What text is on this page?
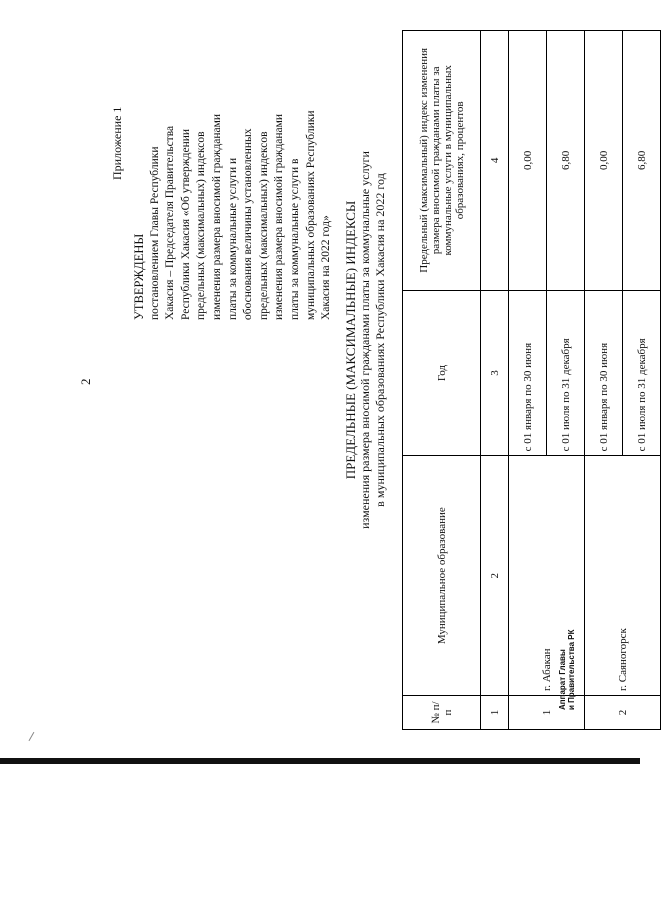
2
Приложение 1
УТВЕРЖДЕНЫ постановлением Главы Республики Хакасия – Председателя Правительства Республики Хакасия «Об утверждении предельных (максимальных) индексов изменения размера вносимой гражданами платы за коммунальные услуги и обоснования величины установленных предельных (максимальных) индексов изменения размера вносимой гражданами платы за коммунальные услуги в муниципальных образованиях Республики Хакасия на 2022 год» ПРЕДЕЛЬНЫЕ (МАКСИМАЛЬНЫЕ) ИНДЕКСЫ изменения размера вносимой гражданами платы за коммунальные услуги в муниципальных образованиях Республики Хакасия на 2022 год
№ п/п	Муниципальное образование	Год	Предельный (максимальный) индекс изменения размера вносимой гражданами платы за коммунальные услуги в муниципальных образованиях, процентов
1	2	3	4
1	г. Абакан	с 01 января по 30 июня	0,00
		с 01 июля по 31 декабря	6,80
2	г. Саяногорск	с 01 января по 30 июня	0,00
		с 01 июля по 31 декабря	6,80
Аппарат Главы и Правительства РК
